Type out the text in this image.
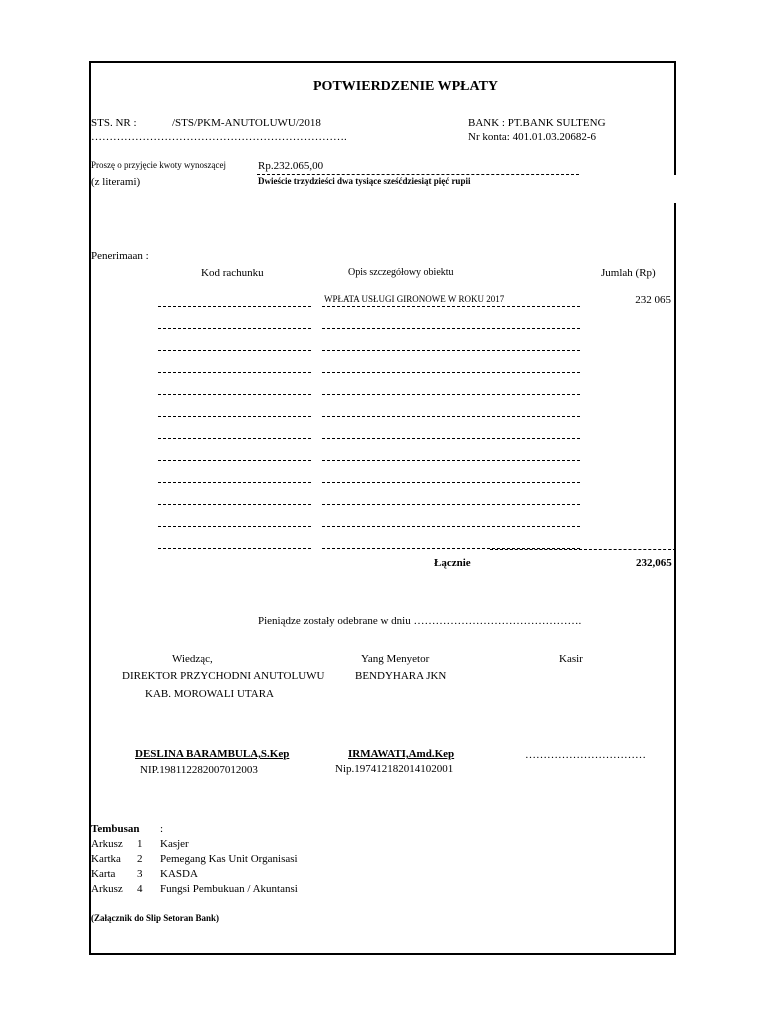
POTWIERDZENIE WPŁATY
STS. NR :	/STS/PKM-ANUTOLUWU/2018
…………………………………………………………….
BANK : PT.BANK SULTENG
Nr konta: 401.01.03.20682-6
Proszę o przyjęcie kwoty wynoszącej	Rp.232.065,00
(z literami)	Dwieście trzydzieści dwa tysiące sześćdziesiąt pięć rupii
Penerimaan :
Kod rachunku	Opis szczegółowy obiektu	Jumlah (Rp)
WPŁATA USŁUGI GIRONOWE W ROKU 2017	232 065
Łącznie	232,065
Pieniądze zostały odebrane w dniu ……………………………………….
Wiedząc,
DIREKTOR PRZYCHODNI ANUTOLUWU
KAB. MOROWALI UTARA
DESLINA BARAMBULA,S.Kep
NIP.198112282007012003
Yang Menyetor
BENDYHARA JKN
IRMAWATI,Amd.Kep
Nip.197412182014102001
Kasir
……………………………
Tembusan :
Arkusz 1 Kasjer
Kartka 2 Pemegang Kas Unit Organisasi
Karta 3 KASDA
Arkusz 4 Fungsi Pembukuan / Akuntansi
(Załącznik do Slip Setoran Bank)
